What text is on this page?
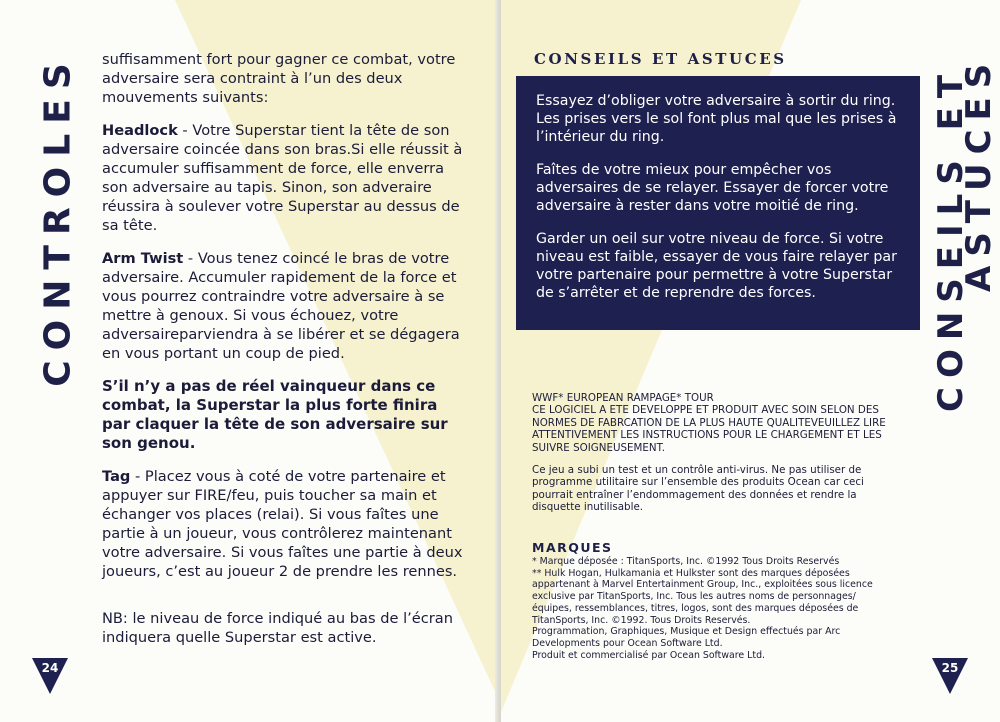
CONTROLES suffisamment fort pour gagner ce combat, votre adversaire sera contraint à l’un des deux mouvements suivants:

Headlock - Votre Superstar tient la tête de son adversaire coincée dans son bras.Si elle réussit à accumuler suffisamment de force, elle enverra son adversaire au tapis. Sinon, son adveraire réussira à soulever votre Superstar au dessus de sa tête.

Arm Twist - Vous tenez coincé le bras de votre adversaire. Accumuler rapidement de la force et vous pourrez contraindre votre adversaire à se mettre à genoux. Si vous échouez, votre adversaireparviendra à se libérer et se dégagera en vous portant un coup de pied.

S’il n’y a pas de réel vainqueur dans ce combat, la Superstar la plus forte finira par claquer la tête de son adversaire sur son genou.

Tag - Placez vous à coté de votre partenaire et appuyer sur FIRE/feu, puis toucher sa main et échanger vos places (relai). Si vous faîtes une partie à un joueur, vous contrôlerez maintenant votre adversaire. Si vous faîtes une partie à deux joueurs, c’est au joueur 2 de prendre les rennes.

NB: le niveau de force indiqué au bas de l’écran indiquera quelle Superstar est active.

24
CONSEILS ET ASTUCES

Essayez d’obliger votre adversaire à sortir du ring. Les prises vers le sol font plus mal que les prises à l’intérieur du ring.

Faîtes de votre mieux pour empêcher vos adversaires de se relayer. Essayer de forcer votre adversaire à rester dans votre moitié de ring.

Garder un oeil sur votre niveau de force. Si votre niveau est faible, essayer de vous faire relayer par votre partenaire pour permettre à votre Superstar de s’arrêter et de reprendre des forces.	CONSEILS ET
ASTUCES

WWF* EUROPEAN RAMPAGE* TOUR

CE LOGICIEL A ETE DEVELOPPE ET PRODUIT AVEC SOIN SELON DES NORMES DE FABRCATION DE LA PLUS HAUTE QUALITEVEUILLEZ LIRE ATTENTIVEMENT LES INSTRUCTIONS POUR LE CHARGEMENT ET LES SUIVRE SOIGNEUSEMENT.

Ce jeu a subi un test et un contrôle anti-virus. Ne pas utiliser de programme utilitaire sur l’ensemble des produits Ocean car ceci pourrait entraîner l’endommagement des données et rendre la disquette inutilisable.

MARQUES

* Marque déposée : TitanSports, Inc. ©1992 Tous Droits Reservés

** Hulk Hogan, Hulkamania et Hulkster sont des marques déposées appartenant à Marvel Entertainment Group, Inc., exploitées sous licence exclusive par TitanSports, Inc. Tous les autres noms de personnages/équipes, ressemblances, titres, logos, sont des marques déposées de TitanSports, Inc. ©1992. Tous Droits Reservés.

Programmation, Graphiques, Musique et Design effectués par Arc Developments pour Ocean Software Ltd.

Produit et commercialisé par Ocean Software Ltd.

25
